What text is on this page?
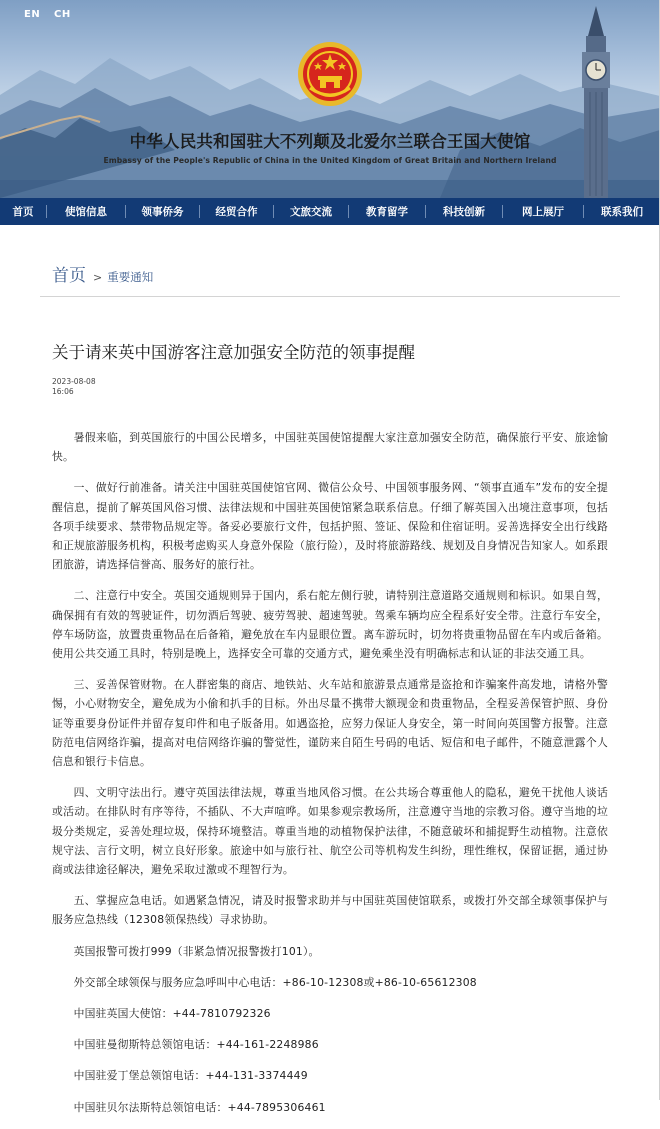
EN CH
中华人民共和国驻大不列颠及北爱尔兰联合王国大使馆
Embassy of the People's Republic of China in the United Kingdom of Great Britain and Northern Ireland
首页	使馆信息	领事侨务	经贸合作	文旅交流	教育留学	科技创新	网上展厅	联系我们
首页 > 重要通知
关于请来英中国游客注意加强安全防范的领事提醒
2023-08-08
16:06

暑假来临，到英国旅行的中国公民增多，中国驻英国使馆提醒大家注意加强安全防范，确保旅行平安、旅途愉快。

一、做好行前准备。请关注中国驻英国使馆官网、微信公众号、中国领事服务网、“领事直通车”发布的安全提醒信息，提前了解英国风俗习惯、法律法规和中国驻英国使馆紧急联系信息。仔细了解英国入出境注意事项，包括各项手续要求、禁带物品规定等。备妥必要旅行文件，包括护照、签证、保险和住宿证明。妥善选择安全出行线路和正规旅游服务机构，积极考虑购买人身意外保险（旅行险），及时将旅游路线、规划及自身情况告知家人。如系跟团旅游，请选择信誉高、服务好的旅行社。

二、注意行中安全。英国交通规则异于国内，系右舵左侧行驶，请特别注意道路交通规则和标识。如果自驾，确保拥有有效的驾驶证件，切勿酒后驾驶、疲劳驾驶、超速驾驶。驾乘车辆均应全程系好安全带。注意行车安全，停车场防盗，放置贵重物品在后备箱，避免放在车内显眼位置。离车游玩时，切勿将贵重物品留在车内或后备箱。使用公共交通工具时，特别是晚上，选择安全可靠的交通方式，避免乘坐没有明确标志和认证的非法交通工具。

三、妥善保管财物。在人群密集的商店、地铁站、火车站和旅游景点通常是盗抢和诈骗案件高发地，请格外警惕，小心财物安全，避免成为小偷和扒手的目标。外出尽量不携带大额现金和贵重物品，全程妥善保管护照、身份证等重要身份证件并留存复印件和电子版备用。如遇盗抢，应努力保证人身安全，第一时间向英国警方报警。注意防范电信网络诈骗，提高对电信网络诈骗的警觉性，谨防来自陌生号码的电话、短信和电子邮件，不随意泄露个人信息和银行卡信息。

四、文明守法出行。遵守英国法律法规，尊重当地风俗习惯。在公共场合尊重他人的隐私，避免干扰他人谈话或活动。在排队时有序等待，不插队、不大声喧哗。如果参观宗教场所，注意遵守当地的宗教习俗。遵守当地的垃圾分类规定，妥善处理垃圾，保持环境整洁。尊重当地的动植物保护法律，不随意破坏和捕捉野生动植物。注意依规守法、言行文明，树立良好形象。旅途中如与旅行社、航空公司等机构发生纠纷，理性维权，保留证据，通过协商或法律途径解决，避免采取过激或不理智行为。

五、掌握应急电话。如遇紧急情况，请及时报警求助并与中国驻英国使馆联系，或拨打外交部全球领事保护与服务应急热线（12308领保热线）寻求协助。

英国报警可拨打999（非紧急情况报警拨打101）。

外交部全球领保与服务应急呼叫中心电话：+86-10-12308或+86-10-65612308

中国驻英国大使馆：+44-7810792326

中国驻曼彻斯特总领馆电话：+44-161-2248986

中国驻爱丁堡总领馆电话：+44-131-3374449

中国驻贝尔法斯特总领馆电话：+44-7895306461
